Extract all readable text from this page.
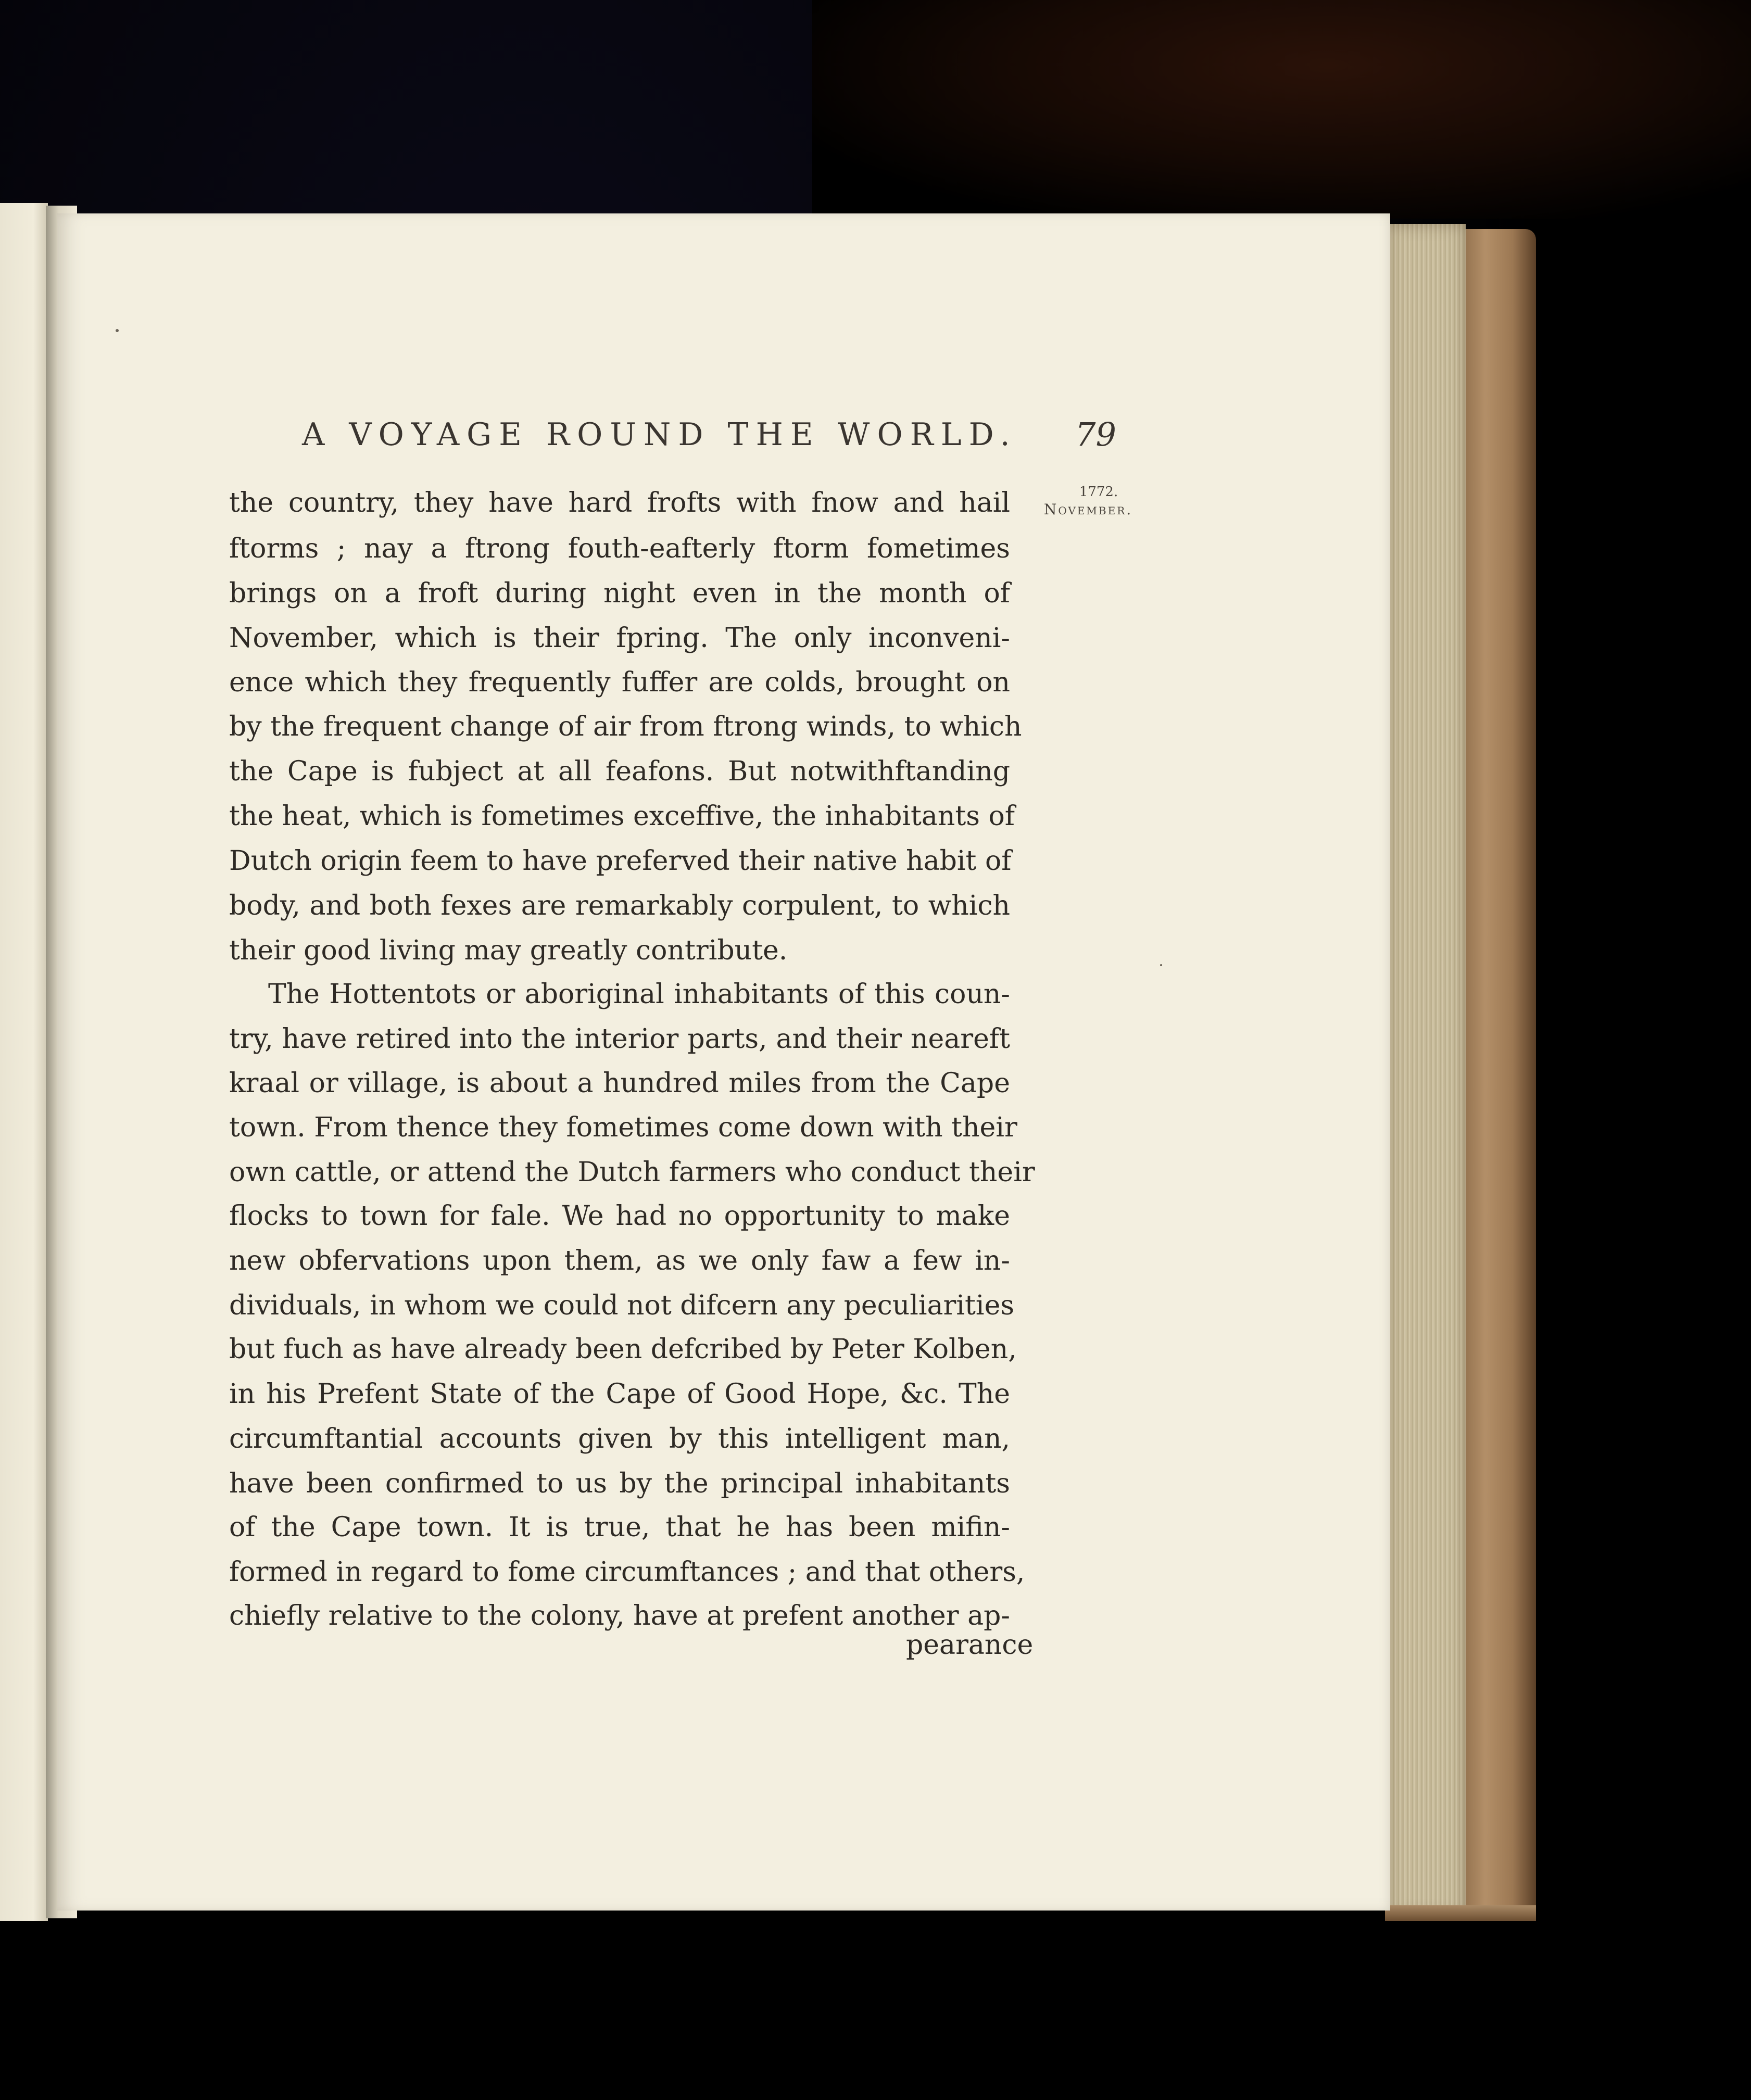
A VOYAGE ROUND THE WORLD.	79
1772.
November.
the country, they have hard frofts with fnow and hail
ftorms ; nay a ftrong fouth-eafterly ftorm fometimes
brings on a froft during night even in the month of
November, which is their fpring. The only inconveni-
ence which they frequently fuffer are colds, brought on
by the frequent change of air from ftrong winds, to which
the Cape is fubject at all feafons. But notwithftanding
the heat, which is fometimes exceffive, the inhabitants of
Dutch origin feem to have preferved their native habit of
body, and both fexes are remarkably corpulent, to which
their good living may greatly contribute.
The Hottentots or aboriginal inhabitants of this coun-
try, have retired into the interior parts, and their neareft
kraal or village, is about a hundred miles from the Cape
town. From thence they fometimes come down with their
own cattle, or attend the Dutch farmers who conduct their
flocks to town for fale. We had no opportunity to make
new obfervations upon them, as we only faw a few in-
dividuals, in whom we could not difcern any peculiarities
but fuch as have already been defcribed by Peter Kolben,
in his Prefent State of the Cape of Good Hope, &c. The
circumftantial accounts given by this intelligent man,
have been confirmed to us by the principal inhabitants
of the Cape town. It is true, that he has been mifin-
formed in regard to fome circumftances ; and that others,
chiefly relative to the colony, have at prefent another ap-
pearance
